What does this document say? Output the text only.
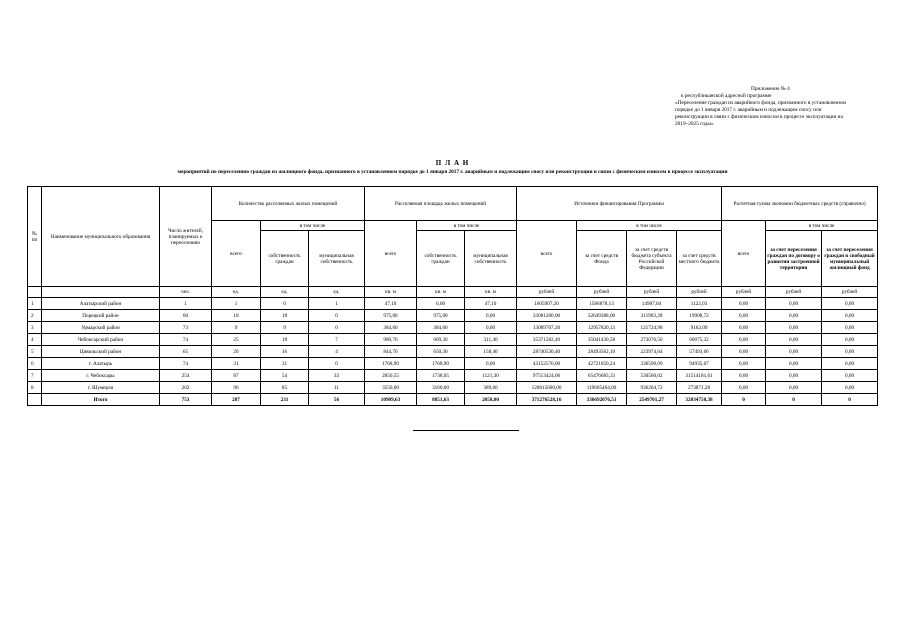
Приложение № 4
к республиканской адресной программе
«Переселение граждан из аварийного фонда, признанного в установленном
порядке до 1 января 2017 г. аварийным и подлежащим сносу или
реконструкции в связи с физическим износом в процессе эксплуатации на
2019–2025 годы»
П Л А Н
мероприятий по переселению граждан из жилищного фонда, признанного в установленном порядке до 1 января 2017 г. аварийным и подлежащим сносу или реконструкции в связи с физическим износом в процессе эксплуатации
№ пп	Наименование муниципального образования	Число жителей, планируемых к переселению	Количество расселяемых жилых помещений			Расселяемая площадь жилых помещений			Источники финансирования Программы				Расчетная сумма экономии бюджетных средств (справочно)		
			всего	в том числе		всего	в том числе		всего	в том числе			всего	в том числе	
				собственность граждан	муниципальная собственность		собственность граждан	муниципальная собственность		за счет средств Фонда	за счет средств бюджета субъекта Российской Федерации	за счет средств местного бюджета		за счет переселения граждан по договору о развитии застроенной территории	за счет переселения граждан в свободный муниципальный жилищный фонд
		чел.	ед.	ед.	ед.	кв. м	кв. м	кв. м	рублей	рублей	рублей	рублей	рублей	рублей	рублей
1	Алатырский район	1	1	0	1	47,10	0,00	47,10	1605907,20	1586878,13	14907,04	1122,03	0,00	0,00	0,00
2	Порецкий район	60	18	18	0	975,00	975,00	0,00	33081200,00	32649388,00	311903,28	19908,72	0,00	0,00	0,00
3	Урмарский район	73	9	9	0	384,60	384,60	0,00	13089707,20	12957820,13	121724,98	9162,09	0,00	0,00	0,00
4	Чебоксарский район	74	25	18	7	980,70	669,30	311,40	35371582,40	35041430,58	273076,50	60075,32	0,00	0,00	0,00
5	Цивильский район	65	20	16	4	844,70	650,30	158,40	28740530,40	28493562,10	223974,64	57493,66	0,00	0,00	0,00
6	г. Алатырь	74	31	31	0	1768,90	1768,90	0,00	43152576,00	42721050,24	336590,09	94935,67	0,00	0,00	0,00
7	г. Чебоксары	254	87	54	33	2850,55	1738,05	1121,30	97513424,06	65476683,33	530560,02	31514181,61	0,00	0,00	0,00
8	г. Шумерля	202	96	85	11	3550,00	3160,00	389,60	120815600,00	119605464,00	936264,72	273871,28	0,00	0,00	0,00
	Итого	753	287	231	56	10909,63	8851,63	2058,00	371276528,16	336692076,51	2549701,27	32034750,38	0	0	0
